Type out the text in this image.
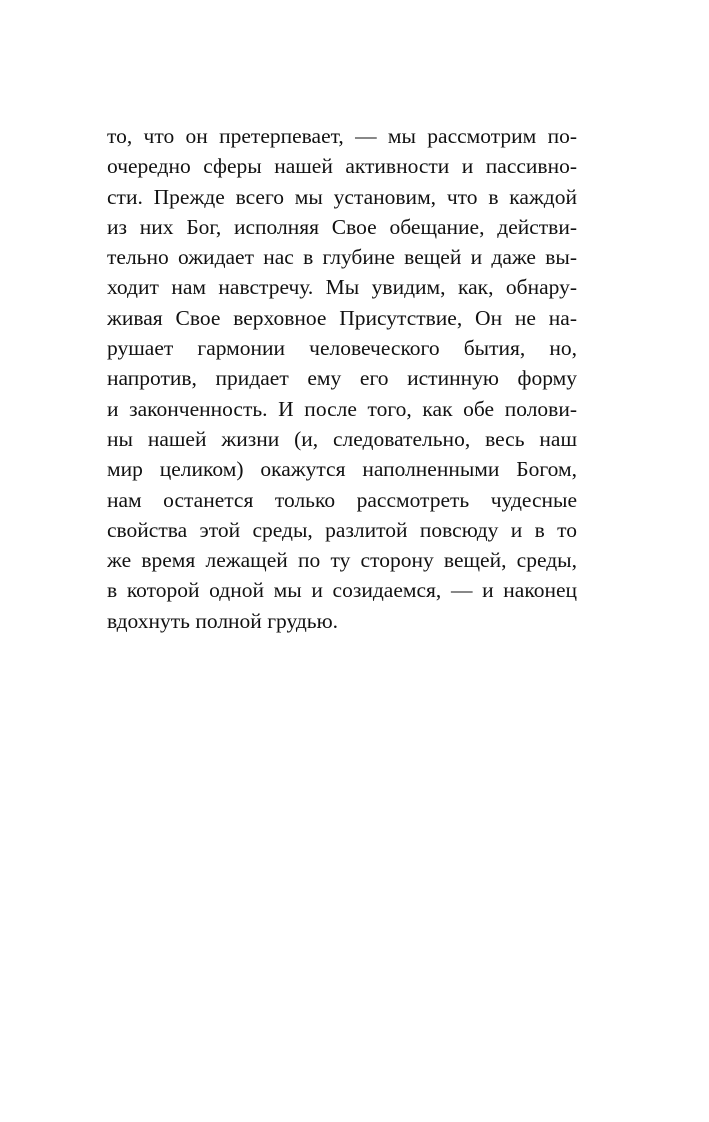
то, что он претерпевает, — мы рассмотрим по-
очередно сферы нашей активности и пассивно-
сти. Прежде всего мы установим, что в каждой
из них Бог, исполняя Свое обещание, действи-
тельно ожидает нас в глубине вещей и даже вы-
ходит нам навстречу. Мы увидим, как, обнару-
живая Свое верховное Присутствие, Он не на-
рушает гармонии человеческого бытия, но,
напротив, придает ему его истинную форму
и законченность. И после того, как обе полови-
ны нашей жизни (и, следовательно, весь наш
мир целиком) окажутся наполненными Богом,
нам останется только рассмотреть чудесные
свойства этой среды, разлитой повсюду и в то
же время лежащей по ту сторону вещей, среды,
в которой одной мы и созидаемся, — и наконец
вдохнуть полной грудью.
